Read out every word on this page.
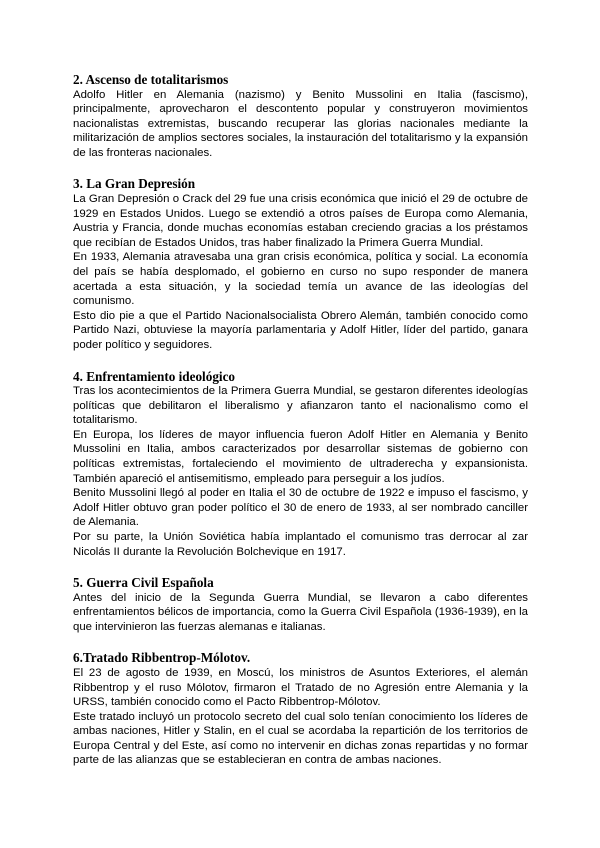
2. Ascenso de totalitarismos

Adolfo Hitler en Alemania (nazismo) y Benito Mussolini en Italia (fascismo), principalmente, aprovecharon el descontento popular y construyeron movimientos nacionalistas extremistas, buscando recuperar las glorias nacionales mediante la militarización de amplios sectores sociales, la instauración del totalitarismo y la expansión de las fronteras nacionales.

3. La Gran Depresión

La Gran Depresión o Crack del 29 fue una crisis económica que inició el 29 de octubre de 1929 en Estados Unidos. Luego se extendió a otros países de Europa como Alemania, Austria y Francia, donde muchas economías estaban creciendo gracias a los préstamos que recibían de Estados Unidos, tras haber finalizado la Primera Guerra Mundial.

En 1933, Alemania atravesaba una gran crisis económica, política y social. La economía del país se había desplomado, el gobierno en curso no supo responder de manera acertada a esta situación, y la sociedad temía un avance de las ideologías del comunismo.

Esto dio pie a que el Partido Nacionalsocialista Obrero Alemán, también conocido como Partido Nazi, obtuviese la mayoría parlamentaria y Adolf Hitler, líder del partido, ganara poder político y seguidores.

4. Enfrentamiento ideológico

Tras los acontecimientos de la Primera Guerra Mundial, se gestaron diferentes ideologías políticas que debilitaron el liberalismo y afianzaron tanto el nacionalismo como el totalitarismo.

En Europa, los líderes de mayor influencia fueron Adolf Hitler en Alemania y Benito Mussolini en Italia, ambos caracterizados por desarrollar sistemas de gobierno con políticas extremistas, fortaleciendo el movimiento de ultraderecha y expansionista. También apareció el antisemitismo, empleado para perseguir a los judíos.

Benito Mussolini llegó al poder en Italia el 30 de octubre de 1922 e impuso el fascismo, y Adolf Hitler obtuvo gran poder político el 30 de enero de 1933, al ser nombrado canciller de Alemania.

Por su parte, la Unión Soviética había implantado el comunismo tras derrocar al zar Nicolás II durante la Revolución Bolchevique en 1917.

5. Guerra Civil Española

Antes del inicio de la Segunda Guerra Mundial, se llevaron a cabo diferentes enfrentamientos bélicos de importancia, como la Guerra Civil Española (1936-1939), en la que intervinieron las fuerzas alemanas e italianas.

6.Tratado Ribbentrop-Mólotov.

El 23 de agosto de 1939, en Moscú, los ministros de Asuntos Exteriores, el alemán Ribbentrop y el ruso Mólotov, firmaron el Tratado de no Agresión entre Alemania y la URSS, también conocido como el Pacto Ribbentrop-Mólotov.

Este tratado incluyó un protocolo secreto del cual solo tenían conocimiento los líderes de ambas naciones, Hitler y Stalin, en el cual se acordaba la repartición de los territorios de Europa Central y del Este, así como no intervenir en dichas zonas repartidas y no formar parte de las alianzas que se establecieran en contra de ambas naciones.
